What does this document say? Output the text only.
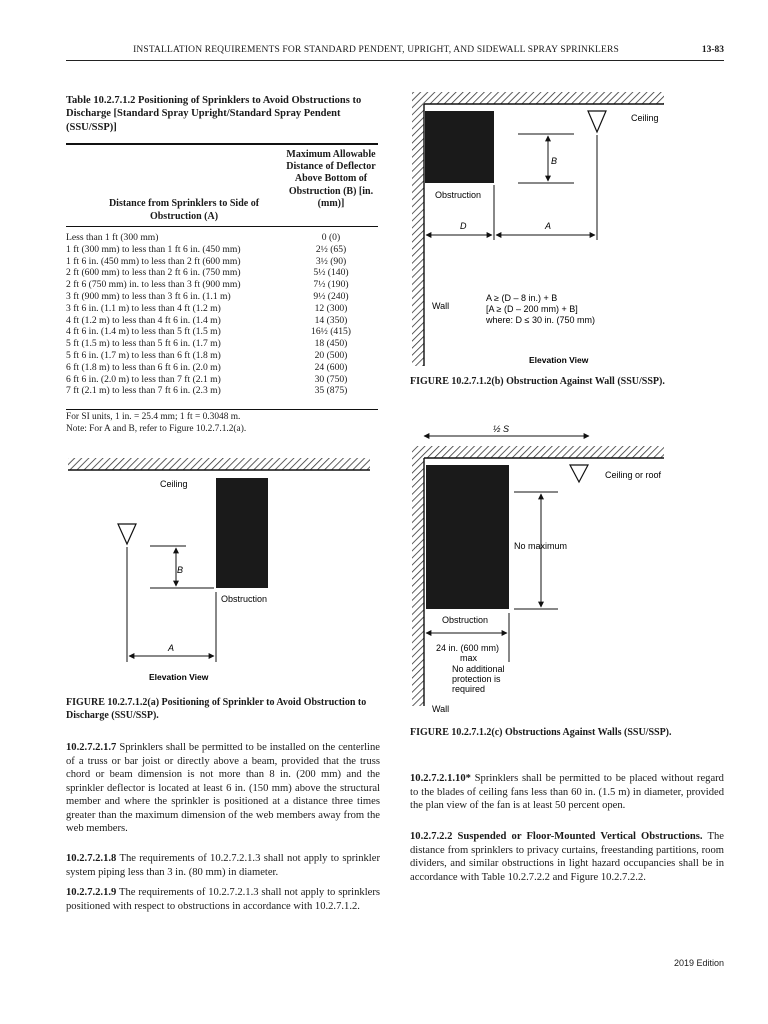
INSTALLATION REQUIREMENTS FOR STANDARD PENDENT, UPRIGHT, AND SIDEWALL SPRAY SPRINKLERS	13-83
Table 10.2.7.1.2 Positioning of Sprinklers to Avoid Obstructions to Discharge [Standard Spray Upright/Standard Spray Pendent (SSU/SSP)]
Distance from Sprinklers to Side of Obstruction (A)
Maximum Allowable Distance of Deflector Above Bottom of Obstruction (B) [in. (mm)]
Less than 1 ft (300 mm)	0 (0)
1 ft (300 mm) to less than 1 ft 6 in. (450 mm)	2½ (65)
1 ft 6 in. (450 mm) to less than 2 ft (600 mm)	3½ (90)
2 ft (600 mm) to less than 2 ft 6 in. (750 mm)	5½ (140)
2 ft 6 (750 mm) in. to less than 3 ft (900 mm)	7½ (190)
3 ft (900 mm) to less than 3 ft 6 in. (1.1 m)	9½ (240)
3 ft 6 in. (1.1 m) to less than 4 ft (1.2 m)	12 (300)
4 ft (1.2 m) to less than 4 ft 6 in. (1.4 m)	14 (350)
4 ft 6 in. (1.4 m) to less than 5 ft (1.5 m)	16½ (415)
5 ft (1.5 m) to less than 5 ft 6 in. (1.7 m)	18 (450)
5 ft 6 in. (1.7 m) to less than 6 ft (1.8 m)	20 (500)
6 ft (1.8 m) to less than 6 ft 6 in. (2.0 m)	24 (600)
6 ft 6 in. (2.0 m) to less than 7 ft (2.1 m)	30 (750)
7 ft (2.1 m) to less than 7 ft 6 in. (2.3 m)	35 (875)
For SI units, 1 in. = 25.4 mm; 1 ft = 0.3048 m.
Note: For A and B, refer to Figure 10.2.7.1.2(a).
Ceiling
Obstruction
B
A
Elevation View
FIGURE 10.2.7.1.2(a) Positioning of Sprinkler to Avoid Obstruction to Discharge (SSU/SSP).
10.2.7.2.1.7 Sprinklers shall be permitted to be installed on the centerline of a truss or bar joist or directly above a beam, provided that the truss chord or beam dimension is not more than 8 in. (200 mm) and the sprinkler deflector is located at least 6 in. (150 mm) above the structural member and where the sprinkler is positioned at a distance three times greater than the maximum dimension of the web members away from the web members.
10.2.7.2.1.8 The requirements of 10.2.7.2.1.3 shall not apply to sprinkler system piping less than 3 in. (80 mm) in diameter.
10.2.7.2.1.9 The requirements of 10.2.7.2.1.3 shall not apply to sprinklers positioned with respect to obstructions in accordance with 10.2.7.1.2.
Ceiling
Obstruction
B
D	A
Wall
A ≥ (D – 8 in.) + B
[A ≥ (D – 200 mm) + B]
where: D ≤ 30 in. (750 mm)
Elevation View
FIGURE 10.2.7.1.2(b) Obstruction Against Wall (SSU/SSP).
½ S
Ceiling or roof
No maximum
Obstruction
24 in. (600 mm)
max
No additional
protection is
required
Wall
FIGURE 10.2.7.1.2(c) Obstructions Against Walls (SSU/SSP).
10.2.7.2.1.10* Sprinklers shall be permitted to be placed without regard to the blades of ceiling fans less than 60 in. (1.5 m) in diameter, provided the plan view of the fan is at least 50 percent open.
10.2.7.2.2 Suspended or Floor-Mounted Vertical Obstructions. The distance from sprinklers to privacy curtains, freestanding partitions, room dividers, and similar obstructions in light hazard occupancies shall be in accordance with Table 10.2.7.2.2 and Figure 10.2.7.2.2.
2019 Edition
